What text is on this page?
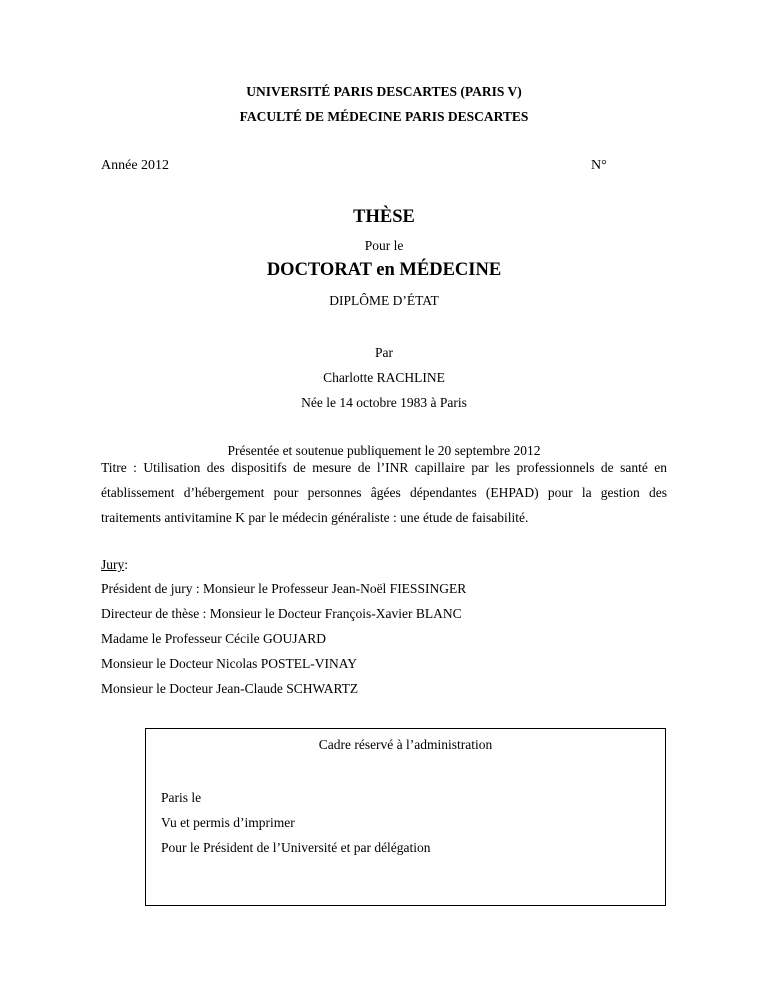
UNIVERSITÉ PARIS DESCARTES (PARIS V)
FACULTÉ DE MÉDECINE PARIS DESCARTES
Année 2012	N°
THÈSE
Pour le
DOCTORAT en MÉDECINE
DIPLÔME D’ÉTAT
Par
Charlotte RACHLINE
Née le 14 octobre 1983 à Paris
Présentée et soutenue publiquement le 20 septembre 2012
Titre : Utilisation des dispositifs de mesure de l’INR capillaire par les professionnels de santé en établissement d’hébergement pour personnes âgées dépendantes (EHPAD) pour la gestion des traitements antivitamine K par le médecin généraliste : une étude de faisabilité.
Jury:
Président de jury : Monsieur le Professeur Jean-Noël FIESSINGER
Directeur de thèse : Monsieur le Docteur François-Xavier BLANC
Madame le Professeur Cécile GOUJARD
Monsieur le Docteur Nicolas POSTEL-VINAY
Monsieur le Docteur Jean-Claude SCHWARTZ
Cadre réservé à l’administration
Paris le
Vu et permis d’imprimer
Pour le Président de l’Université et par délégation
